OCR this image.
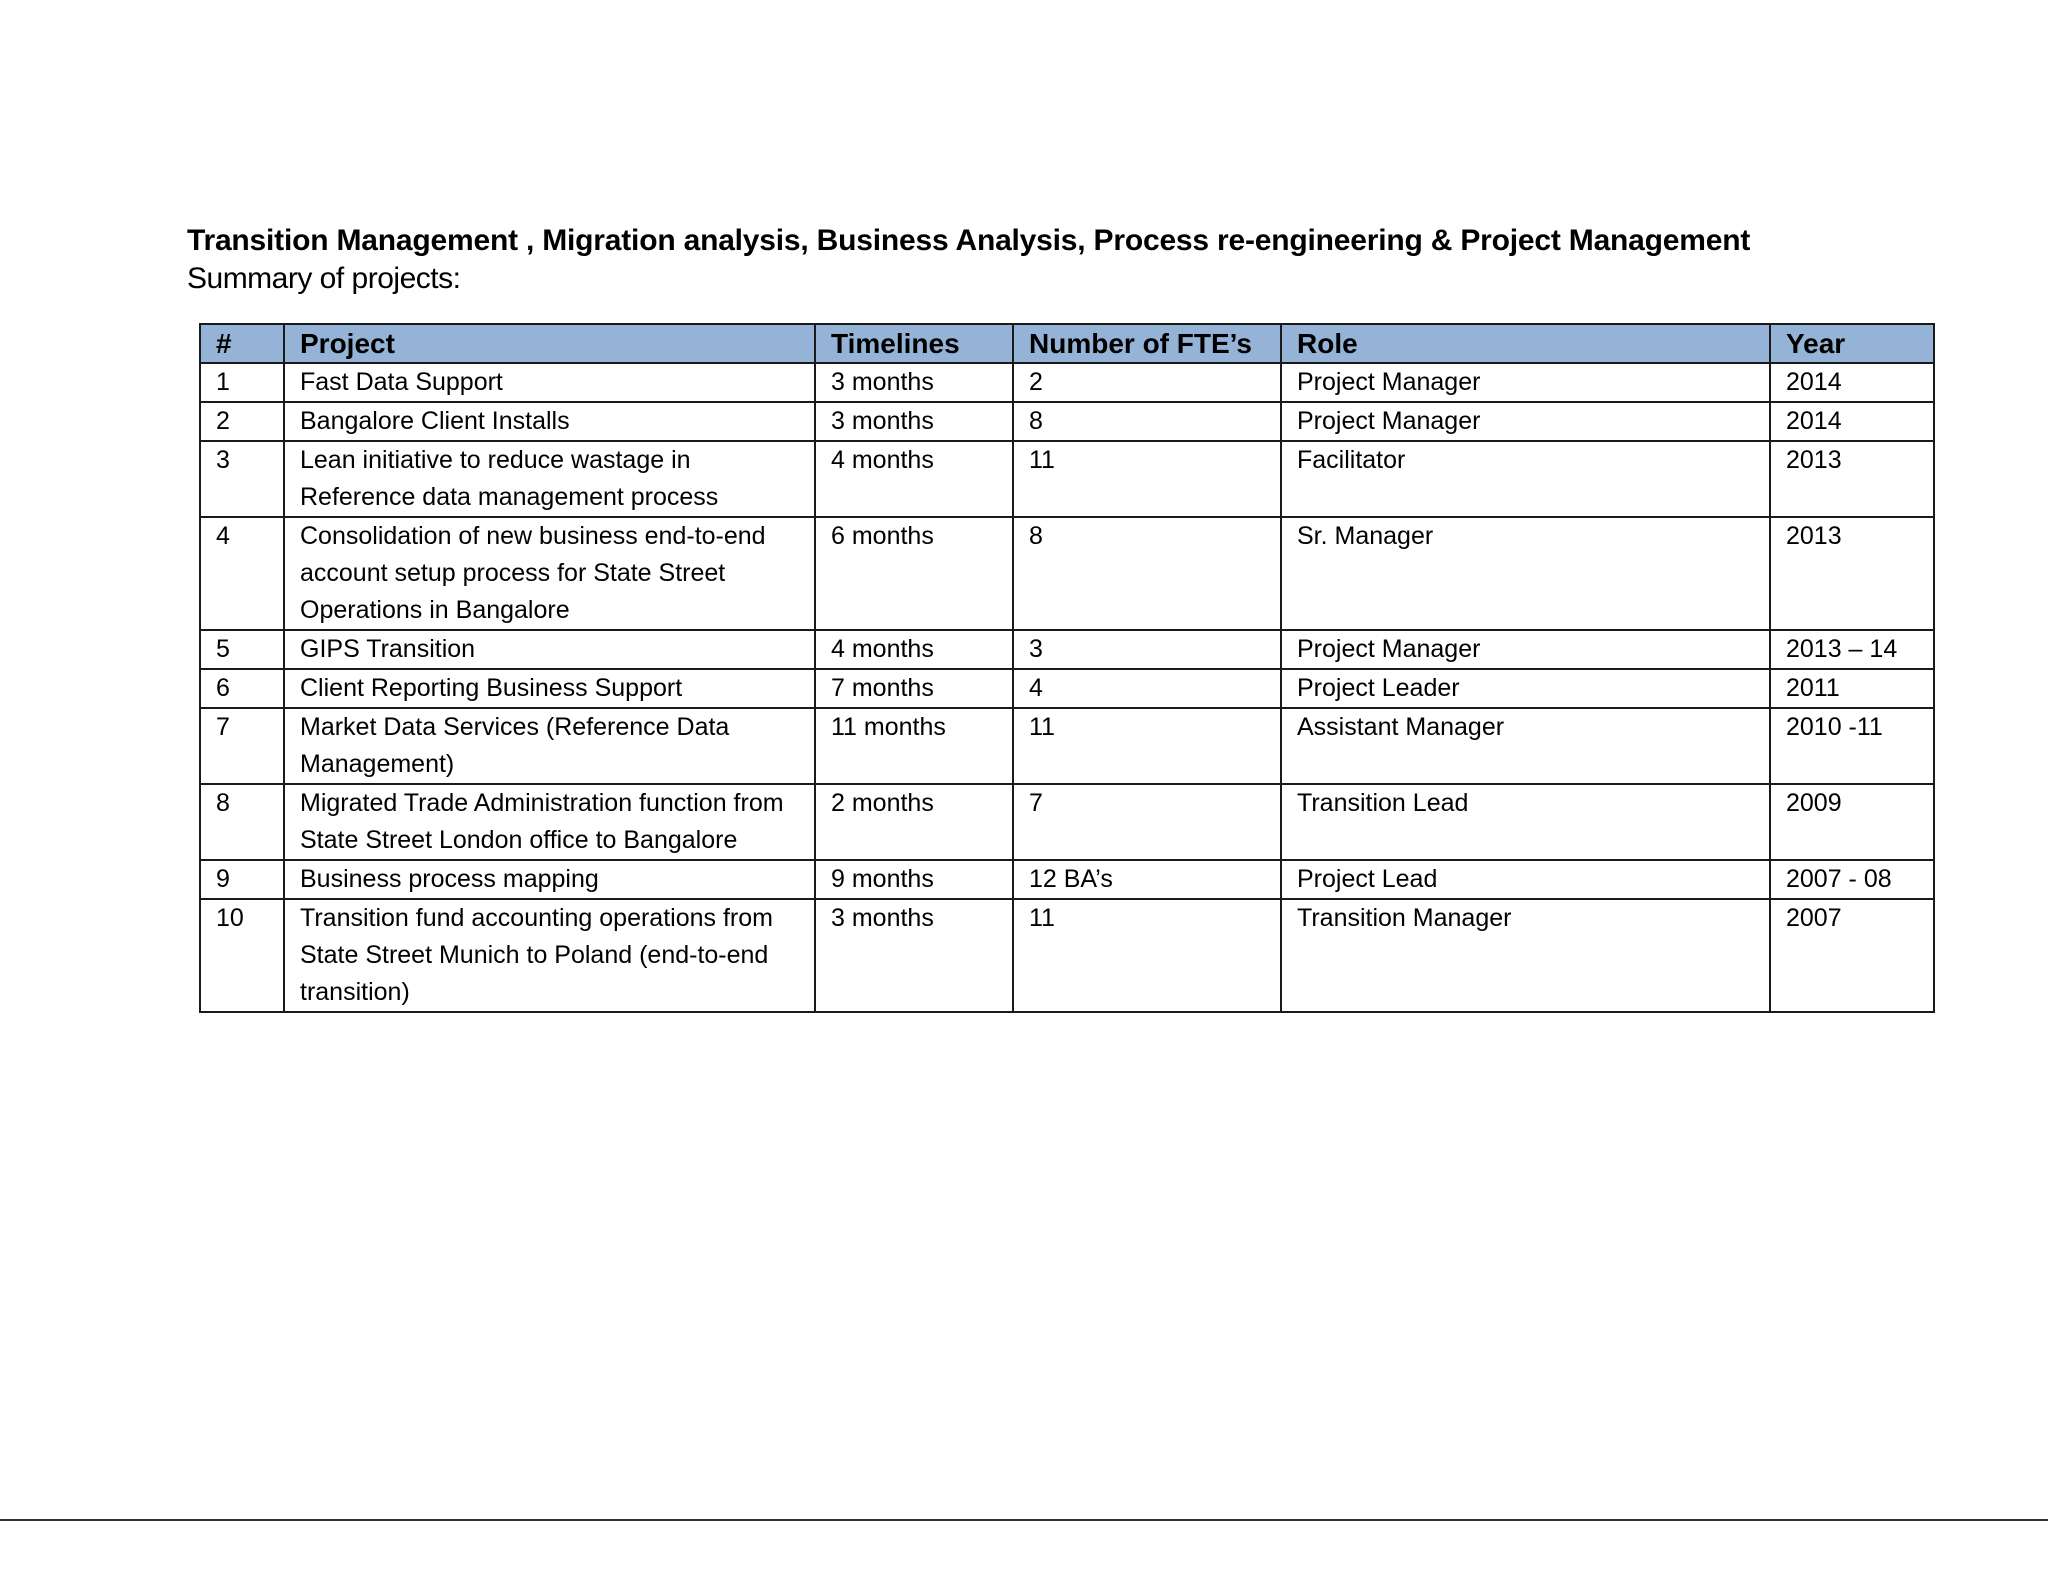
Transition Management , Migration analysis, Business Analysis, Process re-engineering & Project Management
Summary of projects:
#	Project	Timelines	Number of FTE’s	Role	Year
1	Fast Data Support	3 months	2	Project Manager	2014
2	Bangalore Client Installs	3 months	8	Project Manager	2014
3	Lean initiative to reduce wastage in Reference data management process	4 months	11	Facilitator	2013
4	Consolidation of new business end-to-end account setup process for State Street Operations in Bangalore	6 months	8	Sr. Manager	2013
5	GIPS Transition	4 months	3	Project Manager	2013 – 14
6	Client Reporting Business Support	7 months	4	Project Leader	2011
7	Market Data Services (Reference Data Management)	11 months	11	Assistant Manager	2010 -11
8	Migrated Trade Administration function from State Street London office to Bangalore	2 months	7	Transition Lead	2009
9	Business process mapping	9 months	12 BA’s	Project Lead	2007 - 08
10	Transition fund accounting operations from State Street Munich to Poland (end-to-end transition)	3 months	11	Transition Manager	2007
